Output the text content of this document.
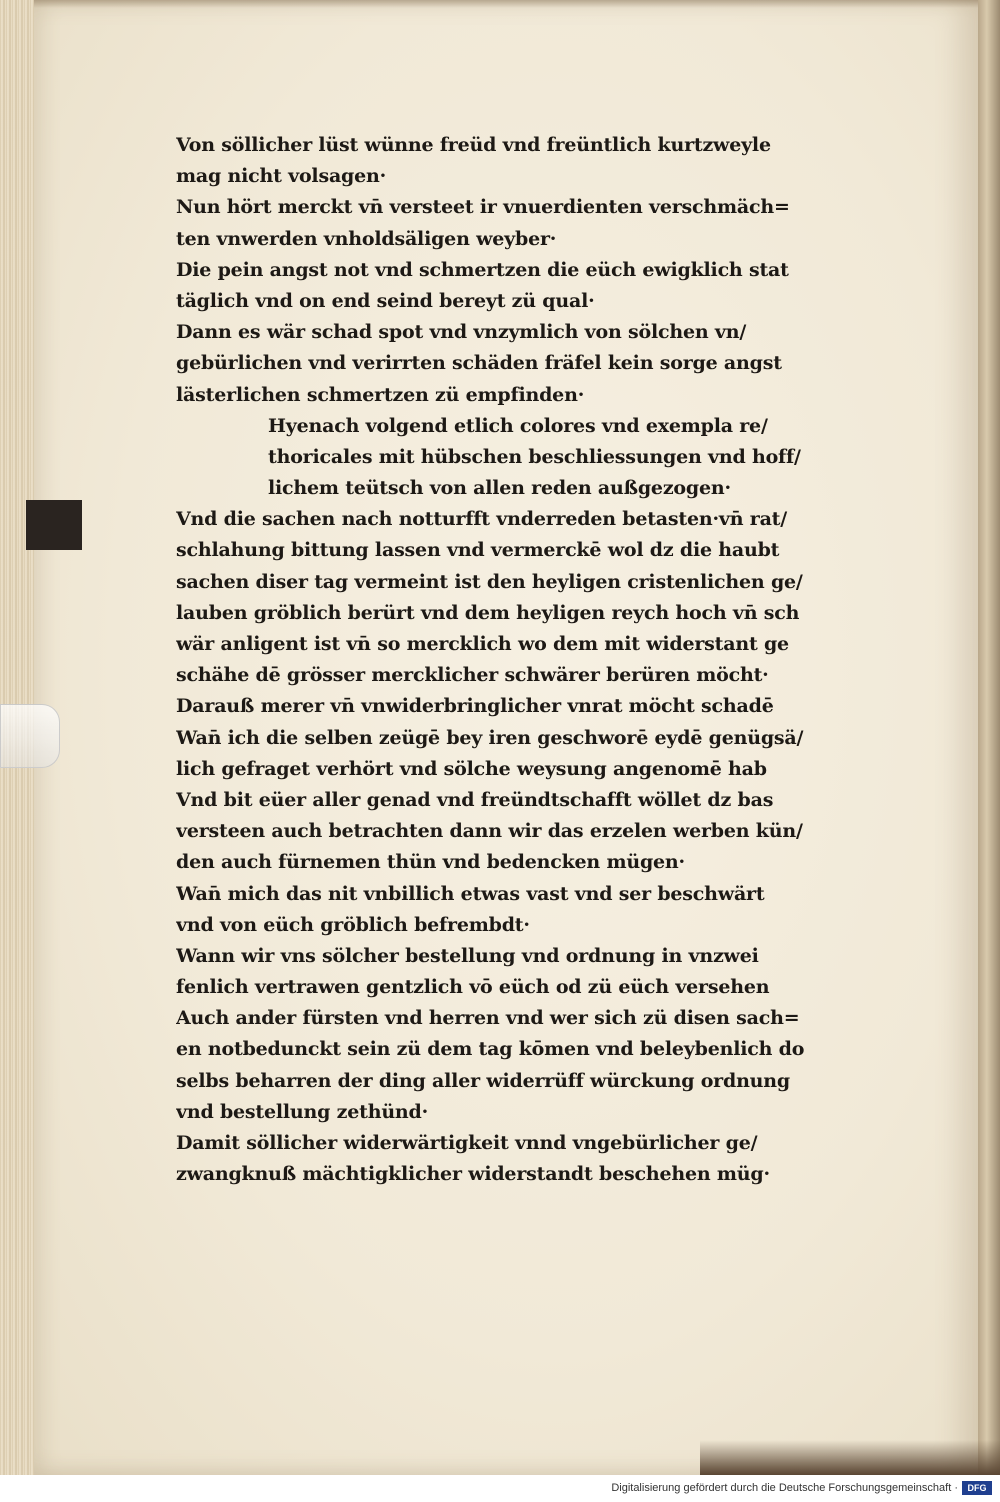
Von söllicher lüst wünne freüd vnd freüntlich kurtzweyle
mag nicht volsagen·
Nun hört merckt vn̄ versteet ir vnuerdienten verschmäch=
ten vnwerden vnholdsäligen weyber·
Die pein angst not vnd schmertzen die eüch ewigklich stat
täglich vnd on end seind bereyt zü qual·
Dann es wär schad spot vnd vnzymlich von sölchen vn/
gebürlichen vnd verirrten schäden fräfel kein sorge angst
lästerlichen schmertzen zü empfinden·
Hyenach volgend etlich colores vnd exempla re/
thoricales mit hübschen beschliessungen vnd hoff/
lichem teütsch von allen reden außgezogen·
Vnd die sachen nach notturfft vnderreden betasten·vn̄ rat/
schlahung bittung lassen vnd vermerckē wol dz die haubt
sachen diser tag vermeint ist den heyligen cristenlichen ge/
lauben gröblich berürt vnd dem heyligen reych hoch vn̄ sch
wär anligent ist vn̄ so mercklich wo dem mit widerstant ge
schähe dē grösser mercklicher schwärer berüren möcht·
Darauß merer vn̄ vnwiderbringlicher vnrat möcht schadē
Wan̄ ich die selben zeügē bey iren geschworē eydē genügsä/
lich gefraget verhört vnd sölche weysung angenomē hab
Vnd bit eüer aller genad vnd freündtschafft wöllet dz bas
versteen auch betrachten dann wir das erzelen werben kün/
den auch fürnemen thün vnd bedencken mügen·
Wan̄ mich das nit vnbillich etwas vast vnd ser beschwärt
vnd von eüch gröblich befrembdt·
Wann wir vns sölcher bestellung vnd ordnung in vnzwei
fenlich vertrawen gentzlich vō eüch od zü eüch versehen
Auch ander fürsten vnd herren vnd wer sich zü disen sach=
en notbedunckt sein zü dem tag kōmen vnd beleybenlich do
selbs beharren der ding aller widerrüff würckung ordnung
vnd bestellung zethünd·
Damit söllicher widerwärtigkeit vnnd vngebürlicher ge/
zwangknuß mächtigklicher widerstandt beschehen müg·
Digitalisierung gefördert durch die Deutsche Forschungsgemeinschaft ·	DFG
